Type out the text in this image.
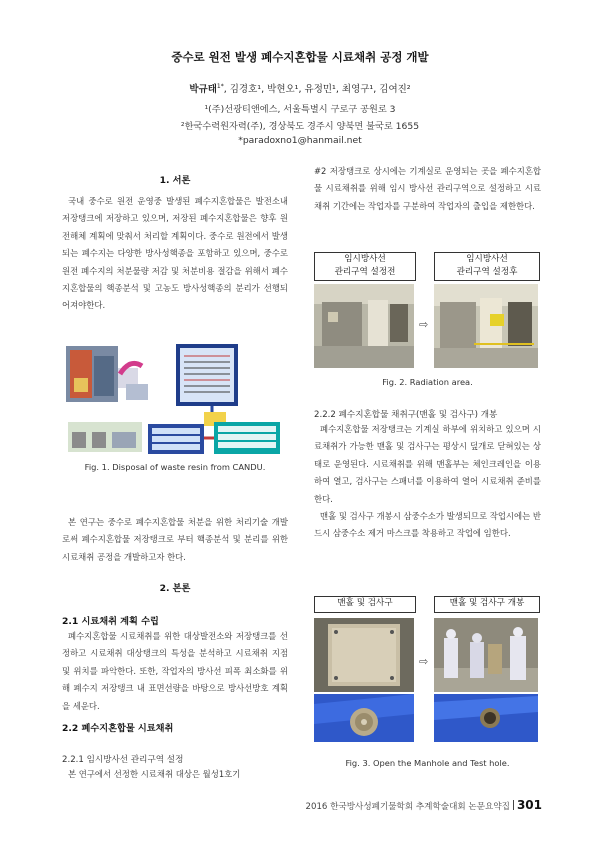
중수로 원전 발생 폐수지혼합물 시료채취 공정 개발
박규태$^{1*}$, 김경호¹, 박현오¹, 유정민¹, 최영구¹, 김여진²
¹(주)선광티앤에스, 서울특별시 구로구 공원로 3
²한국수력원자력(주), 경상북도 경주시 양북면 불국로 1655
*paradoxno1@hanmail.net
1. 서론

국내 중수로 원전 운영중 발생된 폐수지혼합물은 발전소내 저장탱크에 저장하고 있으며, 저장된 폐수지혼합물은 향후 원전해체 계획에 맞춰서 처리할 계획이다. 중수로 원전에서 발생되는 폐수지는 다양한 방사성핵종을 포함하고 있으며, 중수로 원전 폐수지의 처분물량 저감 및 처분비용 절감을 위해서 폐수지혼합물의 핵종분석 및 고농도 방사성핵종의 분리가 선행되어져야한다.

Fig. 1. Disposal of waste resin from CANDU.

본 연구는 중수로 폐수지혼합물 처분을 위한 처리기술 개발로써 폐수지혼합물 저장탱크로 부터 핵종분석 및 분리를 위한 시료채취 공정을 개발하고자 한다.

2. 본론
2.1 시료채취 계획 수립

폐수지혼합물 시료채취를 위한 대상발전소와 저장탱크를 선정하고 시료채취 대상탱크의 특성을 분석하고 시료채취 지점 및 위치를 파악한다. 또한, 작업자의 방사선 피폭 최소화를 위해 폐수지 저장탱크 내 표면선량을 바탕으로 방사선방호 계획을 세운다.

2.2 폐수지혼합물 시료채취
2.2.1 임시방사선 관리구역 설정

본 연구에서 선정한 시료채취 대상은 월성1호기

#2 저장탱크로 상시에는 기계실로 운영되는 곳을 폐수지혼합물 시료채취를 위해 임시 방사선 관리구역으로 설정하고 시료채취 기간에는 작업자를 구분하여 작업자의 출입을 제한한다.

임시방사선
관리구역 설정전
임시방사선
관리구역 설정후
⇨
Fig. 2. Radiation area.
2.2.2 폐수지혼합물 채취구(맨홀 및 검사구) 개봉

폐수지혼합물 저장탱크는 기계실 하부에 위치하고 있으며 시료채취가 가능한 맨홀 및 검사구는 평상시 덮개로 닫혀있는 상태로 운영된다. 시료채취를 위해 맨홀부는 체인크레인을 이용하여 열고, 검사구는 스패너를 이용하여 열어 시료채취 준비를 한다.

맨홀 및 검사구 개봉시 삼중수소가 발생되므로 작업시에는 반드시 삼중수소 제거 마스크를 착용하고 작업에 임한다.

맨홀 및 검사구	맨홀 및 검사구 개봉
⇨
Fig. 3. Open the Manhole and Test hole.
2016 한국방사성폐기물학회 추계학술대회 논문요약집 301
